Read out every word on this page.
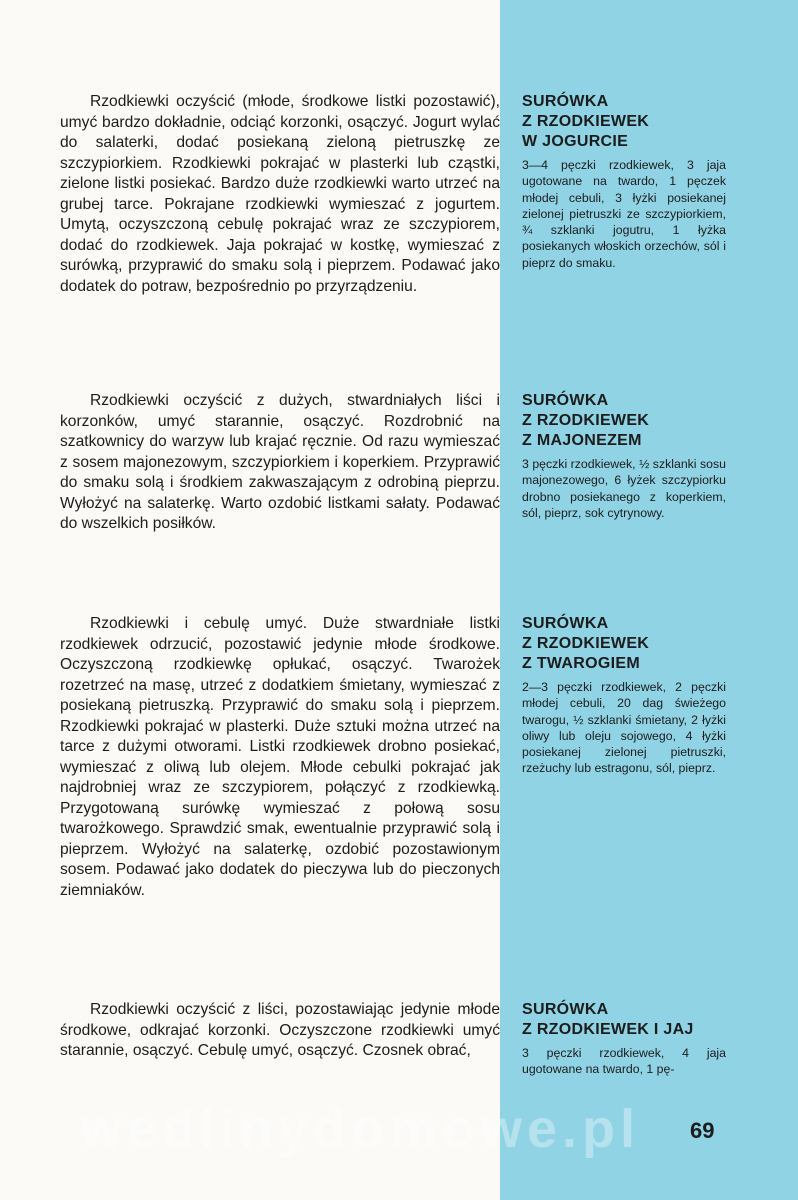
Rzodkiewki oczyścić (młode, środkowe listki pozostawić), umyć bardzo dokładnie, odciąć korzonki, osączyć. Jogurt wylać do salaterki, dodać posiekaną zieloną pietruszkę ze szczypiorkiem. Rzodkiewki pokrajać w plasterki lub cząstki, zielone listki posiekać. Bardzo duże rzodkiewki warto utrzeć na grubej tarce. Pokrajane rzodkiewki wymieszać z jogurtem. Umytą, oczyszczoną cebulę pokrajać wraz ze szczypiorem, dodać do rzodkiewek. Jaja pokrajać w kostkę, wymieszać z surówką, przyprawić do smaku solą i pieprzem. Podawać jako dodatek do potraw, bezpośrednio po przyrządzeniu.

SURÓWKA
Z RZODKIEWEK
W JOGURCIE
3—4 pęczki rzodkiewek, 3 jaja ugotowane na twardo, 1 pęczek młodej cebuli, 3 łyżki posiekanej zielonej pietruszki ze szczypiorkiem, ¾ szklanki jogutru, 1 łyżka posiekanych włoskich orzechów, sól i pieprz do smaku.

Rzodkiewki oczyścić z dużych, stwardniałych liści i korzonków, umyć starannie, osączyć. Rozdrobnić na szatkownicy do warzyw lub krajać ręcznie. Od razu wymieszać z sosem majonezowym, szczypiorkiem i koperkiem. Przyprawić do smaku solą i środkiem zakwaszającym z odrobiną pieprzu. Wyłożyć na salaterkę. Warto ozdobić listkami sałaty. Podawać do wszelkich posiłków.

SURÓWKA
Z RZODKIEWEK
Z MAJONEZEM
3 pęczki rzodkiewek, ½ szklanki sosu majonezowego, 6 łyżek szczypiorku drobno posiekanego z koperkiem, sól, pieprz, sok cytrynowy.

Rzodkiewki i cebulę umyć. Duże stwardniałe listki rzodkiewek odrzucić, pozostawić jedynie młode środkowe. Oczyszczoną rzodkiewkę opłukać, osączyć. Twarożek rozetrzeć na masę, utrzeć z dodatkiem śmietany, wymieszać z posiekaną pietruszką. Przyprawić do smaku solą i pieprzem. Rzodkiewki pokrajać w plasterki. Duże sztuki można utrzeć na tarce z dużymi otworami. Listki rzodkiewek drobno posiekać, wymieszać z oliwą lub olejem. Młode cebulki pokrajać jak najdrobniej wraz ze szczypiorem, połączyć z rzodkiewką. Przygotowaną surówkę wymieszać z połową sosu twarożkowego. Sprawdzić smak, ewentualnie przyprawić solą i pieprzem. Wyłożyć na salaterkę, ozdobić pozostawionym sosem. Podawać jako dodatek do pieczywa lub do pieczonych ziemniaków.

SURÓWKA
Z RZODKIEWEK
Z TWAROGIEM
2—3 pęczki rzodkiewek, 2 pęczki młodej cebuli, 20 dag świeżego twarogu, ½ szklanki śmietany, 2 łyżki oliwy lub oleju sojowego, 4 łyżki posiekanej zielonej pietruszki, rzeżuchy lub estragonu, sól, pieprz.

Rzodkiewki oczyścić z liści, pozostawiając jedynie młode środkowe, odkrajać korzonki. Oczyszczone rzodkiewki umyć starannie, osączyć. Cebulę umyć, osączyć. Czosnek obrać,

SURÓWKA
Z RZODKIEWEK I JAJ
3 pęczki rzodkiewek, 4 jaja ugotowane na twardo, 1 pę-
wedlinydomowe.pl	69
